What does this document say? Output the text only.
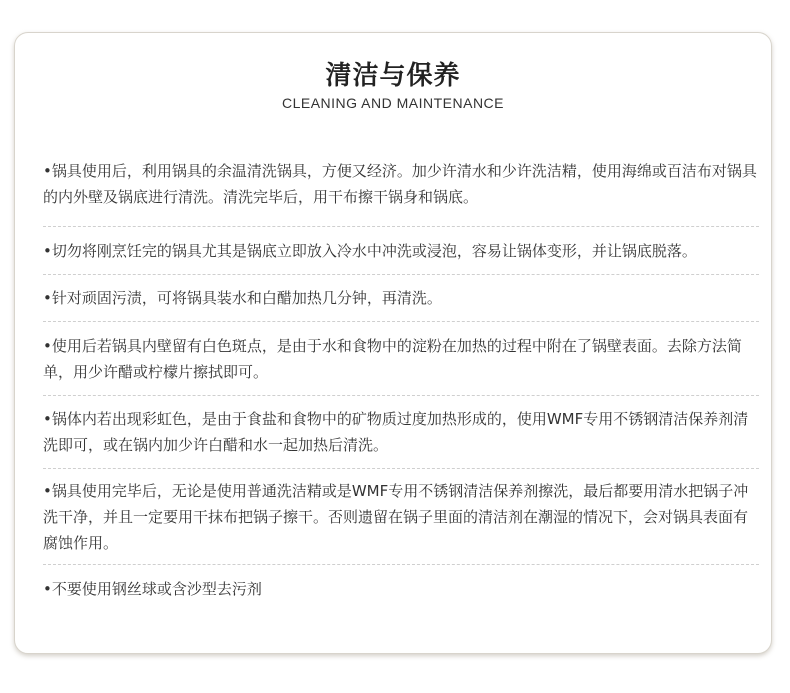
清洁与保养
CLEANING AND MAINTENANCE

•锅具使用后，利用锅具的余温清洗锅具，方便又经济。加少许清水和少许洗洁精，使用海绵或百洁布对锅具的内外壁及锅底进行清洗。清洗完毕后，用干布擦干锅身和锅底。

•切勿将刚烹饪完的锅具尤其是锅底立即放入冷水中冲洗或浸泡，容易让锅体变形，并让锅底脱落。

•针对顽固污渍，可将锅具装水和白醋加热几分钟，再清洗。

•使用后若锅具内壁留有白色斑点，是由于水和食物中的淀粉在加热的过程中附在了锅壁表面。去除方法简单，用少许醋或柠檬片擦拭即可。

•锅体内若出现彩虹色，是由于食盐和食物中的矿物质过度加热形成的，使用WMF专用不锈钢清洁保养剂清洗即可，或在锅内加少许白醋和水一起加热后清洗。

•锅具使用完毕后，无论是使用普通洗洁精或是WMF专用不锈钢清洁保养剂擦洗，最后都要用清水把锅子冲洗干净，并且一定要用干抹布把锅子擦干。否则遗留在锅子里面的清洁剂在潮湿的情况下，会对锅具表面有腐蚀作用。

•不要使用钢丝球或含沙型去污剂
